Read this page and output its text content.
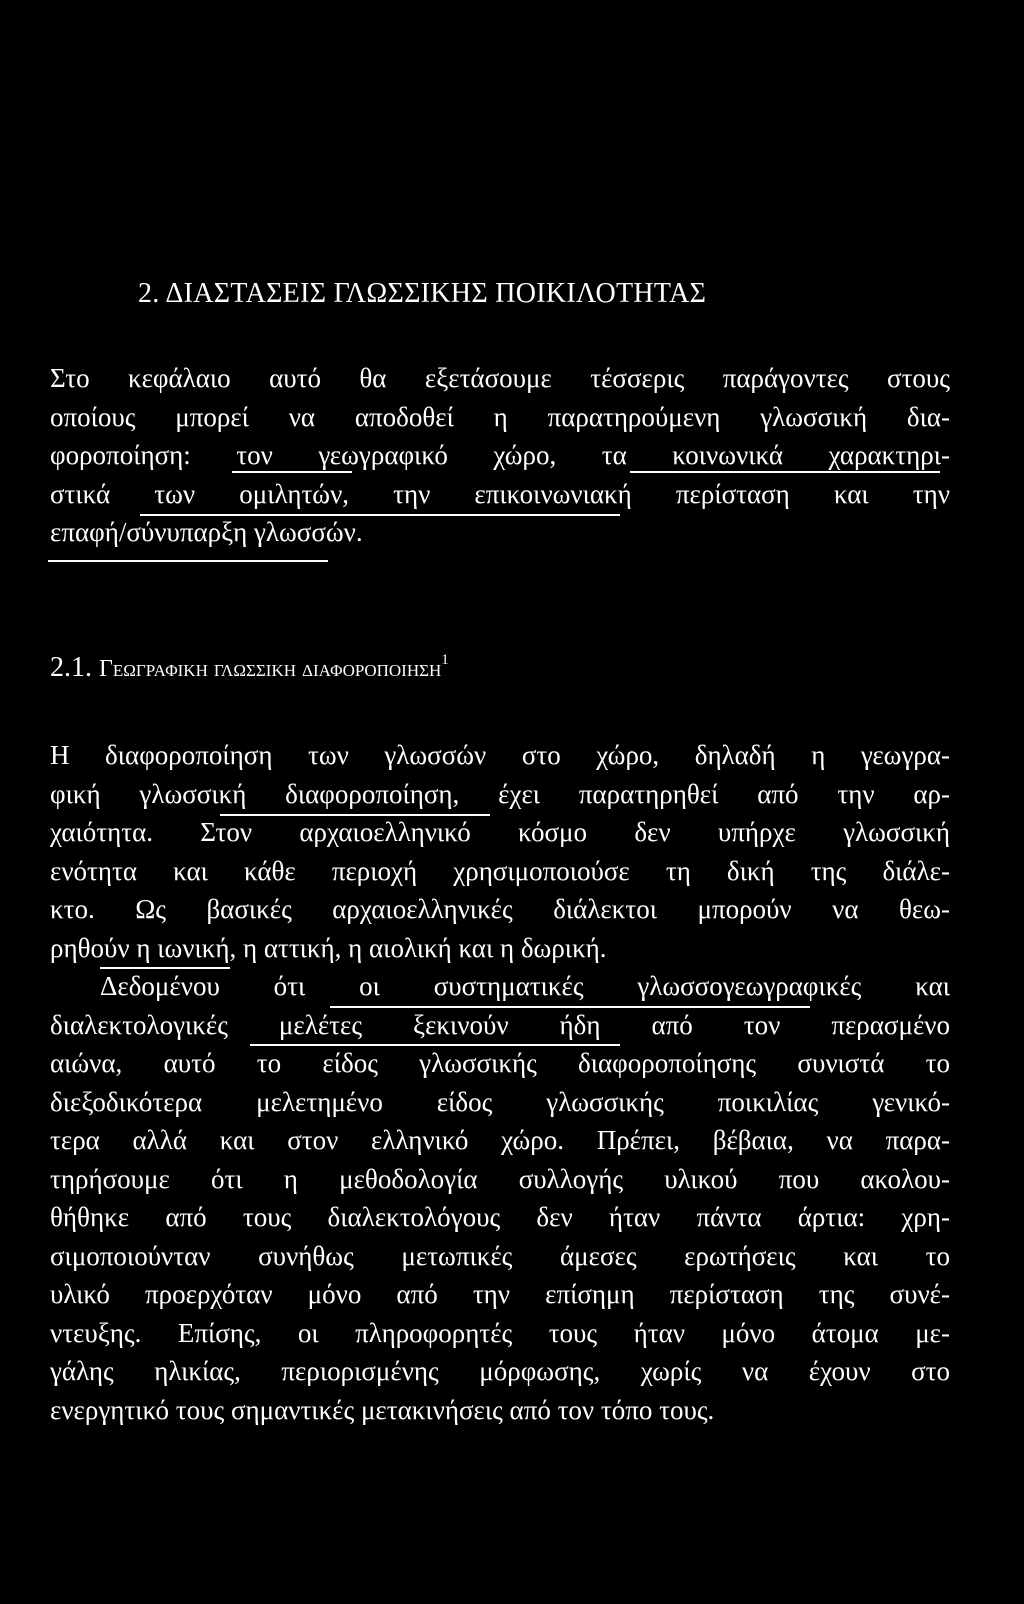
2. ΔΙΑΣΤΑΣΕΙΣ ΓΛΩΣΣΙΚΗΣ ΠΟΙΚΙΛΟΤΗΤΑΣ
Στο κεφάλαιο αυτό θα εξετάσουμε τέσσερις παράγοντες στους
οποίους μπορεί να αποδοθεί η παρατηρούμενη γλωσσική δια-
φοροποίηση: τον γεωγραφικό χώρο, τα κοινωνικά χαρακτηρι-
στικά των ομιλητών, την επικοινωνιακή περίσταση και την
επαφή/σύνυπαρξη γλωσσών.
2.1. Γεωγραφικη γλωσσικη διαφοροποιηση$^1$
Η διαφοροποίηση των γλωσσών στο χώρο, δηλαδή η γεωγρα-
φική γλωσσική διαφοροποίηση, έχει παρατηρηθεί από την αρ-
χαιότητα. Στον αρχαιοελληνικό κόσμο δεν υπήρχε γλωσσική
ενότητα και κάθε περιοχή χρησιμοποιούσε τη δική της διάλε-
κτο. Ως βασικές αρχαιοελληνικές διάλεκτοι μπορούν να θεω-
ρηθούν η ιωνική, η αττική, η αιολική και η δωρική.
Δεδομένου ότι οι συστηματικές γλωσσογεωγραφικές και
διαλεκτολογικές μελέτες ξεκινούν ήδη από τον περασμένο
αιώνα, αυτό το είδος γλωσσικής διαφοροποίησης συνιστά το
διεξοδικότερα μελετημένο είδος γλωσσικής ποικιλίας γενικό-
τερα αλλά και στον ελληνικό χώρο. Πρέπει, βέβαια, να παρα-
τηρήσουμε ότι η μεθοδολογία συλλογής υλικού που ακολου-
θήθηκε από τους διαλεκτολόγους δεν ήταν πάντα άρτια: χρη-
σιμοποιούνταν συνήθως μετωπικές άμεσες ερωτήσεις και το
υλικό προερχόταν μόνο από την επίσημη περίσταση της συνέ-
ντευξης. Επίσης, οι πληροφορητές τους ήταν μόνο άτομα με-
γάλης ηλικίας, περιορισμένης μόρφωσης, χωρίς να έχουν στο
ενεργητικό τους σημαντικές μετακινήσεις από τον τόπο τους.
